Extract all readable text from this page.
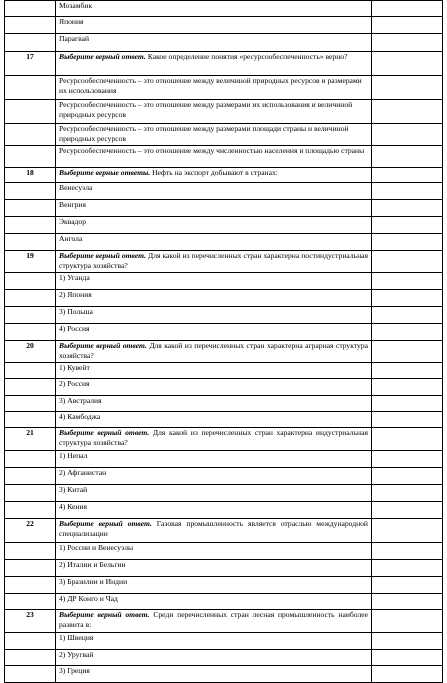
	Мозамбик	
	Япония	
	Парагвай	
17	Выберите верный ответ. Какое определение понятия «ресурсообеспеченность» верно?	
	Ресурсообеспеченность – это отношение между величиной природных ресурсов и размерами их использования	
	Ресурсообеспеченность – это отношение между размерами их использования и величиной природных ресурсов	
	Ресурсообеспеченность – это отношение между размерами площади страны и величиной природных ресурсов	
	Ресурсообеспеченность – это отношение между численностью населения и площадью страны	
18	Выберите верные ответы. Нефть на экспорт добывают в странах:	
	Венесуэла	
	Венгрия	
	Эквадор	
	Ангола	
19	Выберите верный ответ. Для какой из перечисленных стран характерна постиндустриальная структура хозяйства?	
	1) Уганда	
	2) Япония	
	3) Польша	
	4) Россия	
20	Выберите верный ответ. Для какой из перечисленных стран характерна аграрная структура хозяйства?	
	1) Кувейт	
	2) Россия	
	3) Австралия	
	4) Камбоджа	
21	Выберите верный ответ. Для какой из перечисленных стран характерна индустриальная структура хозяйства?	
	1) Непал	
	2) Афганистан	
	3) Китай	
	4) Кения	
22	Выберите верный ответ. Газовая промышленность является отраслью международной специализации	
	1) России и Венесуэлы	
	2) Италии и Бельгии	
	3) Бразилии и Индии	
	4) ДР Конго и Чад	
23	Выберите верный ответ. Среди перечисленных стран лесная промышленность наиболее развита в:	
	1) Швеция	
	2) Уругвай	
	3) Греция	
